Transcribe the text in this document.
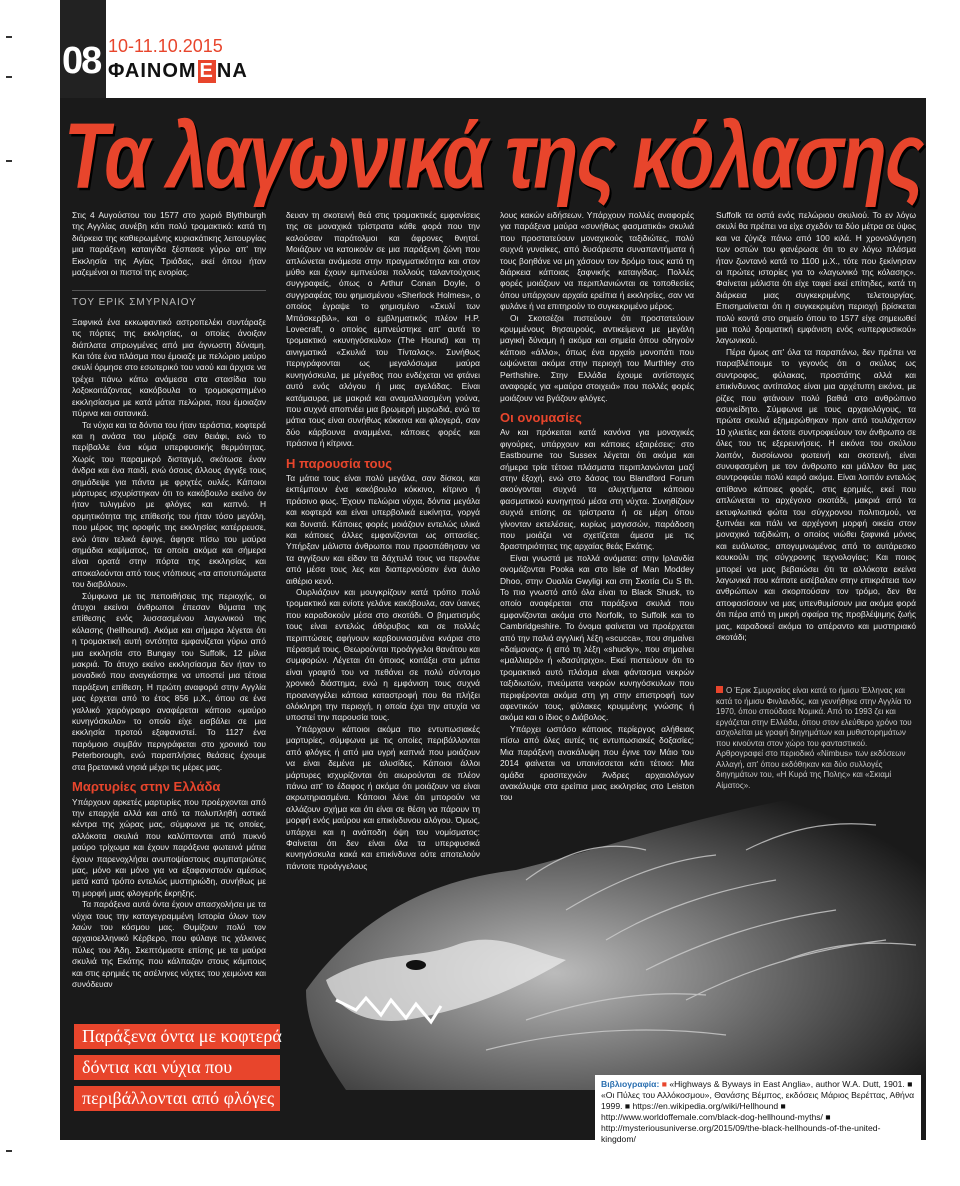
08 10-11.10.2015
ΦΑΙΝΟΜ Ε ΝΑ
Τα λαγωνικά της κόλασης

Στις 4 Αυγούστου του 1577 στο χωριό Blythburgh της Αγγλίας συνέβη κάτι πολύ τρομακτικό: κατά τη διάρκεια της καθιερωμένης κυριακάτικης λειτουργίας μια παράξενη καταιγίδα ξέσπασε γύρω απ' την Εκκλησία της Αγίας Τριάδας, εκεί όπου ήταν μαζεμένοι οι πιστοί της ενορίας.

ΤΟΥ ΕΡΙΚ ΣΜΥΡΝΑΙΟΥ

Ξαφνικά ένα εκκωφαντικό αστροπελέκι συντάραξε τις πόρτες της εκκλησίας, οι οποίες άνοιξαν διάπλατα σπρωγμένες από μια άγνωστη δύναμη. Και τότε ένα πλάσμα που έμοιαζε με πελώριο μαύρο σκυλί όρμησε στο εσωτερικό του ναού και άρχισε να τρέχει πάνω κάτω ανάμεσα στα στασίδια του λοξοκοιτάζοντας κακόβουλα το τρομοκρατημένο εκκλησίασμα με κατά μάτια πελώρια, που έμοιαζαν πύρινα και σατανικά.

Τα νύχια και τα δόντια του ήταν τεράστια, κοφτερά και η ανάσα του μύριζε σαν θειάφι, ενώ το περίβαλλε ένα κύμα υπερφυσικής θερμότητας. Χωρίς του παραμικρό δισταγμό, σκότωσε έναν άνδρα και ένα παιδί, ενώ όσους άλλους άγγιξε τους σημάδεψε για πάντα με φριχτές ουλές. Κάποιοι μάρτυρες ισχυρίστηκαν ότι το κακόβουλο εκείνο όν ήταν τυλιγμένο με φλόγες και καπνό. Η ορμητικότητα της επίθεσής του ήταν τόσο μεγάλη, που μέρος της οροφής της εκκλησίας κατέρρευσε, ενώ όταν τελικά έφυγε, άφησε πίσω του μαύρα σημάδια καψίματος, τα οποία ακόμα και σήμερα είναι ορατά στην πόρτα της εκκλησίας και αποκαλούνται από τους ντόπιους «τα αποτυπώματα του διαβόλου».

Σύμφωνα με τις πεποιθήσεις της περιοχής, οι άτυχοι εκείνοι άνθρωποι έπεσαν θύματα της επίθεσης ενός λυσσασμένου λαγωνικού της κόλασης (hellhound). Ακόμα και σήμερα λέγεται ότι η τρομακτική αυτή οντότητα εμφανίζεται γύρω από μια εκκλησία στο Bungay του Suffolk, 12 μίλια μακριά. Το άτυχο εκείνο εκκλησίασμα δεν ήταν το μοναδικό που αναγκάστηκε να υποστεί μια τέτοια παράξενη επίθεση. Η πρώτη αναφορά στην Αγγλία μας έρχεται από το έτος 856 μ.Χ., όπου σε ένα γαλλικό χειρόγραφο αναφέρεται κάποιο «μαύρο κυνηγόσκυλο» το οποίο είχε εισβάλει σε μια εκκλησία προτού εξαφανιστεί. Το 1127 ένα παρόμοιο συμβάν περιγράφεται στο χρονικό του Peterborough, ενώ παραπλήσιες θεάσεις έχουμε στα βρετανικά νησιά μέχρι τις μέρες μας.

Μαρτυρίες στην Ελλάδα

Υπάρχουν αρκετές μαρτυρίες που προέρχονται από την επαρχία αλλά και από τα πολυπληθή αστικά κέντρα της χώρας μας, σύμφωνα με τις οποίες, αλλόκοτα σκυλιά που καλύπτονται από πυκνό μαύρο τρίχωμα και έχουν παράξενα φωτεινά μάτια έχουν παρενοχλήσει ανυποψίαστους συμπατριώτες μας, μόνο και μόνο για να εξαφανιστούν αμέσως μετά κατά τρόπο εντελώς μυστηριώδη, συνήθως με τη μορφή μιας φλογερής έκρηξης.

Τα παράξενα αυτά όντα έχουν απασχολήσει με τα νύχια τους την καταγεγραμμένη Ιστορία όλων των λαών του κόσμου μας. Θυμίζουν πολύ τον αρχαιοελληνικό Κέρβερο, που φύλαγε τις χάλκινες πύλες του Άδη. Σκεπτόμαστε επίσης με τα μαύρα σκυλιά της Εκάτης που κάλπαζαν στους κάμπους και στις ερημιές τις ασέληνες νύχτες του χειμώνα και συνόδευαν

δευαν τη σκοτεινή θεά στις τρομακτικές εμφανίσεις της σε μοναχικά τρίστρατα κάθε φορά που την καλούσαν παράτολμοι και άφρονες θνητοί. Μοιάζουν να κατοικούν σε μια παράξενη ζώνη που απλώνεται ανάμεσα στην πραγματικότητα και στον μύθο και έχουν εμπνεύσει πολλούς ταλαντούχους συγγραφείς, όπως ο Arthur Conan Doyle, ο συγγραφέας του φημισμένου «Sherlock Holmes», ο οποίος έγραψε το φημισμένο «Σκυλί των Μπάσκερβιλ», και ο εμβληματικός πλέον H.P. Lovecraft, ο οποίος εμπνεύστηκε απ' αυτά το τρομακτικό «κυνηγόσκυλο» (The Hound) και τη αινιγματικά «Σκυλιά του Τίνταλος». Συνήθως περιγράφονται ως μεγαλόσωμα μαύρα κυνηγόσκυλα, με μέγεθος που ενδέχεται να φτάνει αυτό ενός αλόγου ή μιας αγελάδας. Είναι κατάμαυρα, με μακριά και αναμαλλιασμένη γούνα, που συχνά αποπνέει μια βρωμερή μυρωδιά, ενώ τα μάτια τους είναι συνήθως κόκκινα και φλογερά, σαν δύο κάρβουνα αναμμένα, κάποιες φορές και πράσινα ή κίτρινα.

Η παρουσία τους

Τα μάτια τους είναι πολύ μεγάλα, σαν δίσκοι, και εκπέμπουν ένα κακόβουλο κόκκινο, κίτρινο ή πράσινο φως. Έχουν πελώρια νύχια, δόντια μεγάλα και κοφτερά και είναι υπερβολικά ευκίνητα, γοργά και δυνατά. Κάποιες φορές μοιάζουν εντελώς υλικά και κάποιες άλλες εμφανίζονται ως οπτασίες. Υπήρξαν μάλιστα άνθρωποι που προσπάθησαν να τα αγγίξουν και είδαν τα δάχτυλά τους να περνάνε από μέσα τους λες και διαπερνούσαν ένα άυλο αιθέριο κενό.

Ουρλιάζουν και μουγκρίζουν κατά τρόπο πολύ τρομακτικό και ενίοτε γελάνε κακόβουλα, σαν ύαινες που καραδοκούν μέσα στο σκοτάδι. Ο βηματισμός τους είναι εντελώς άθόρυβος και σε πολλές περιπτώσεις αφήνουν καρβουνιασμένα κνάρια στο πέρασμά τους. Θεωρούνται προάγγελοι θανάτου και συμφορών. Λέγεται ότι όποιος κοιτάξει στα μάτια είναι γραφτό του να πεθάνει σε πολύ σύντομο χρονικό διάστημα, ενώ η εμφάνιση τους συχνά προαναγγέλει κάποια καταστροφή που θα πλήξει ολόκληρη την περιοχή, η οποία έχει την ατυχία να υποστεί την παρουσία τους.

Υπάρχουν κάποιοι ακόμα πιο εντυπωσιακές μαρτυρίες, σύμφωνα με τις οποίες περιβάλλονται από φλόγες ή από μια υγρή καπνιά που μοιάζουν να είναι δεμένα με αλυσίδες. Κάποιοι άλλοι μάρτυρες ισχυρίζονται ότι αιωρούνται σε πλέον πάνω απ' το έδαφος ή ακόμα ότι μοιάζουν να είναι ακρωτηριασμένα. Κάποιοι λένε ότι μπορούν να αλλάζουν σχήμα και ότι είναι σε θέση να πάρουν τη μορφή ενός μαύρου και επικίνδυνου αλόγου. Όμως, υπάρχει και η ανάποδη όψη του νομίσματος: Φαίνεται ότι δεν είναι όλα τα υπερφυσικά κυνηγόσκυλα κακά και επικίνδυνα ούτε αποτελούν πάντοτε προάγγελους

λους κακών ειδήσεων. Υπάρχουν πολλές αναφορές για παράξενα μαύρα «συνήθως φασματικά» σκυλιά που προστατεύουν μοναχικούς ταξιδιώτες, πολύ συχνά γυναίκες, από δυσάρεστα συναπαντήματα ή τους βοηθάνε να μη χάσουν τον δρόμο τους κατά τη διάρκεια κάποιας ξαφνικής καταιγίδας. Πολλές φορές μοιάζουν να περιπλανιώνται σε τοποθεσίες όπου υπάρχουν αρχαία ερείπια ή εκκλησίες, σαν να φυλάνε ή να επιτηρούν το συγκεκριμένο μέρος.

Οι Σκοτσέζοι πιστεύουν ότι προστατεύουν κρυμμένους θησαυρούς, αντικείμενα με μεγάλη μαγική δύναμη ή ακόμα και σημεία όπου οδηγούν κάποιο «άλλο», όπως ένα αρχαίο μονοπάτι που ωψώνεται ακόμα στην περιοχή του Murthley στο Perthshire. Στην Ελλάδα έχουμε αντίστοιχες αναφορές για «μαύρα στοιχειά» που πολλές φορές μοιάζουν να βγάζουν φλόγες.

Οι ονομασίες

Αν και πρόκειται κατά κανόνα για μοναχικές φιγούρες, υπάρχουν και κάποιες εξαιρέσεις: στο Eastbourne του Sussex λέγεται ότι ακόμα και σήμερα τρία τέτοια πλάσματα περιπλανώνται μαζί στην έξοχή, ενώ στο δάσος του Blandford Forum ακούγονται συχνά τα αλυχτήματα κάποιου φασματικού κυνηγητού μέσα στη νύχτα. Συνηθίζουν συχνά επίσης σε τρίστρατα ή σε μέρη όπου γίνονταν εκτελέσεις, κυρίως μαγισσών, παράδοση που μοιάζει να σχετίζεται άμεσα με τις δραστηριότητες της αρχαίας θεάς Εκάτης.

Είναι γνωστά με πολλά ονόματα: στην Ιρλανδία ονομάζονται Pooka και στο Isle of Man Moddey Dhoo, στην Ουαλία Gwyligi και στη Σκοτία Cu S th. Το πιο γνωστό από όλα είναι το Black Shuck, το οποίο αναφέρεται στα παράξενα σκυλιά που εμφανίζονται ακόμα στο Norfolk, το Suffolk και το Cambridgeshire. Το όνομα φαίνεται να προέρχεται από την παλιά αγγλική λέξη «scucca», που σημαίνει «δαίμονας» ή από τη λέξη «shucky», που σημαίνει «μαλλιαρό» ή «δασύτριχο». Εκεί πιστεύουν ότι το τρομακτικό αυτό πλάσμα είναι φάντασμα νεκρών ταξιδιωτών, πνεύματα νεκρών κυνηγόσκυλων που περιφέρονται ακόμα στη γη στην επιστροφή των αφεντικών τους, φύλακες κρυμμένης γνώσης ή ακόμα και ο ίδιος ο Διάβολος.

Υπάρχει ωστόσο κάποιος περίεργος αλήθειας πίσω από όλες αυτές τις εντυπωσιακές δοξασίες; Μια παράξενη ανακάλυψη που έγινε τον Μάιο του 2014 φαίνεται να υπαινίσσεται κάτι τέτοιο: Μια ομάδα ερασιτεχνών Άνδρες αρχαιολόγων ανακάλυψε στα ερείπια μιας εκκλησίας στο Leiston του

Suffolk τα οστά ενός πελώριου σκυλιού. Το εν λόγω σκυλί θα πρέπει να είχε σχεδόν τα δύο μέτρα σε ύψος και να ζύγιζε πάνω από 100 κιλά. Η χρονολόγηση των οστών του φανέρωσε ότι το εν λόγω πλάσμα ήταν ζωντανό κατά το 1100 μ.Χ., τότε που ξεκίνησαν οι πρώτες ιστορίες για το «λαγωνικό της κόλασης». Φαίνεται μάλιστα ότι είχε ταφεί εκεί επίτηδες, κατά τη διάρκεια μιας συγκεκριμένης τελετουργίας. Επισημαίνεται ότι η συγκεκριμένη περιοχή βρίσκεται πολύ κοντά στο σημείο όπου το 1577 είχε σημειωθεί μια πολύ δραματική εμφάνιση ενός «υπερφυσικού» λαγωνικού.

Πέρα όμως απ' όλα τα παραπάνω, δεν πρέπει να παραβλέπουμε το γεγονός ότι ο σκύλος ως συντροφος, φύλακας, προστάτης αλλά και επικίνδυνος αντίπαλος είναι μια αρχέτυπη εικόνα, με ρίζες που φτάνουν πολύ βαθιά στο ανθρώπινο ασυνείδητο. Σύμφωνα με τους αρχαιολόγους, τα πρώτα σκυλιά εξημερώθηκαν πριν από τουλάχιστον 10 χιλιετίες και έκτοτε συντροφεύουν τον άνθρωπο σε όλες του τις εξερευνήσεις. Η εικόνα του σκύλου λοιπόν, δυσοίωνου φωτεινή και σκοτεινή, είναι συνυφασμένη με τον άνθρωπο και μάλλον θα μας συντροφεύει πολύ καιρό ακόμα. Είναι λοιπόν εντελώς απίθανο κάποιες φορές, στις ερημιές, εκεί που απλώνεται το αρχέγονο σκοτάδι, μακριά από τα εκτυφλωτικά φώτα του σύγχρονου πολιτισμού, να ξυπνάει και πάλι να αρχέγονη μορφή οικεία στον μοναχικό ταξιδιώτη, ο οποίος νιώθει ξαφνικά μόνος και ευάλωτος, απογυμνωμένος από το αυτάρεσκο κουκούλι της σύγχρονης τεχνολογίας; Και ποιος μπορεί να μας βεβαιώσει ότι τα αλλόκοτα εκείνα λαγωνικά που κάποτε εισέβαλαν στην επικράτεια των ανθρώπων και σκορπούσαν τον τρόμο, δεν θα αποφασίσουν να μας υπενθυμίσουν μια ακόμα φορά ότι πέρα από τη μικρή σφαίρα της προβλέψιμης ζωής μας, καραδοκεί ακόμα το απέραντο και μυστηριακό σκοτάδι;

Ο Έρικ Σμυρναίος είναι κατά το ήμισυ Έλληνας και κατά το ήμισυ Φινλανδός, και γεννήθηκε στην Αγγλία το 1970, όπου σπούδασε Νομικά. Από το 1993 ζει και εργάζεται στην Ελλάδα, όπου στον ελεύθερο χρόνο του ασχολείται με γραφή διηγημάτων και μυθιστορημάτων που κινούνται στον χώρο του φανταστικού. Αρθρογραφεί στο περιοδικό «Nimbus» των εκδόσεων Αλλαγή, απ' όπου εκδόθηκαν και δύο συλλογές διηγημάτων του, «Η Κυρά της Πολης» και «Σκιαμί Αίματος».
Παράξενα όντα με κοφτερά
δόντια και νύχια που
περιβάλλονται από φλόγες
Βιβλιογραφία: ■ «Highways & Byways in East Anglia», author W.A. Dutt, 1901. ■ «Οι Πύλες του Αλλόκοσμου», Θανάσης Βέμπος, εκδόσεις Μάριος Βερέττας, Αθήνα 1999. ■ https://en.wikipedia.org/wiki/Hellhound ■ http://www.worldoffemale.com/black-dog-hellhound-myths/ ■ http://mysteriousuniverse.org/2015/09/the-black-hellhounds-of-the-united-kingdom/
